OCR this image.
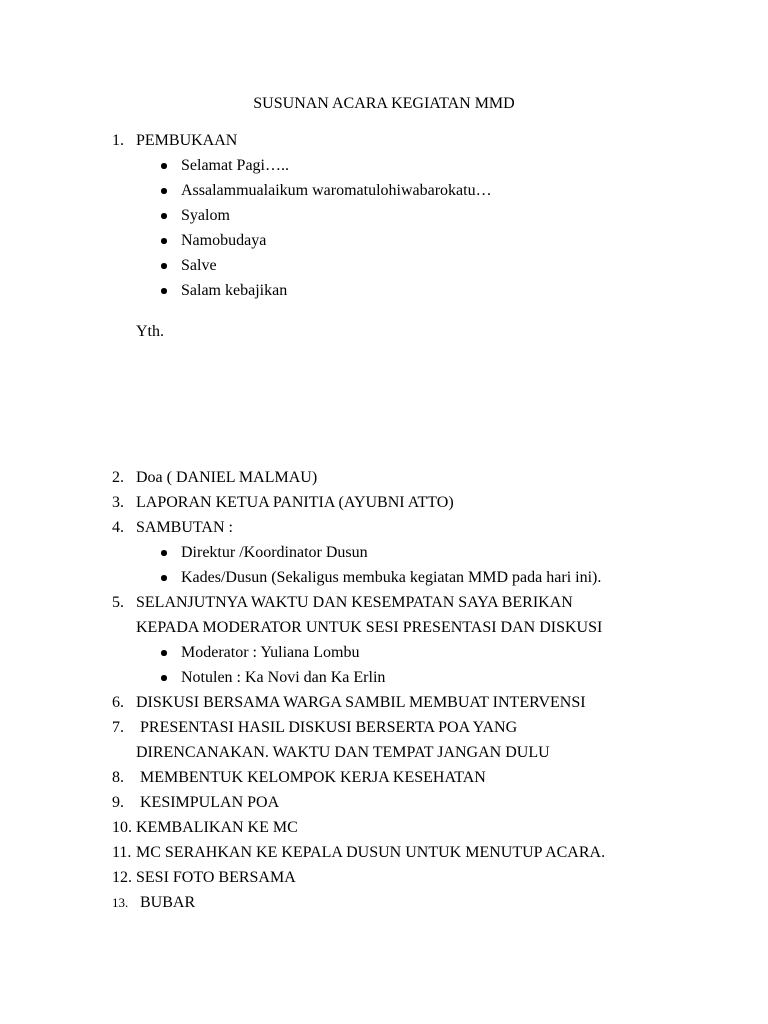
SUSUNAN ACARA KEGIATAN MMD
1. PEMBUKAAN
Selamat Pagi…..
Assalammualaikum waromatulohiwabarokatu…
Syalom
Namobudaya
Salve
Salam kebajikan
Yth.
2. Doa ( DANIEL MALMAU)
3. LAPORAN KETUA PANITIA (AYUBNI ATTO)
4. SAMBUTAN :
Direktur /Koordinator Dusun
Kades/Dusun (Sekaligus membuka kegiatan MMD pada hari ini).
5. SELANJUTNYA WAKTU DAN KESEMPATAN SAYA BERIKAN
KEPADA MODERATOR UNTUK SESI PRESENTASI DAN DISKUSI
Moderator : Yuliana Lombu
Notulen : Ka Novi dan Ka Erlin
6. DISKUSI BERSAMA WARGA SAMBIL MEMBUAT INTERVENSI
7. PRESENTASI HASIL DISKUSI BERSERTA POA YANG
DIRENCANAKAN. WAKTU DAN TEMPAT JANGAN DULU
8. MEMBENTUK KELOMPOK KERJA KESEHATAN
9. KESIMPULAN POA
10. KEMBALIKAN KE MC
11. MC SERAHKAN KE KEPALA DUSUN UNTUK MENUTUP ACARA.
12. SESI FOTO BERSAMA
13. BUBAR
